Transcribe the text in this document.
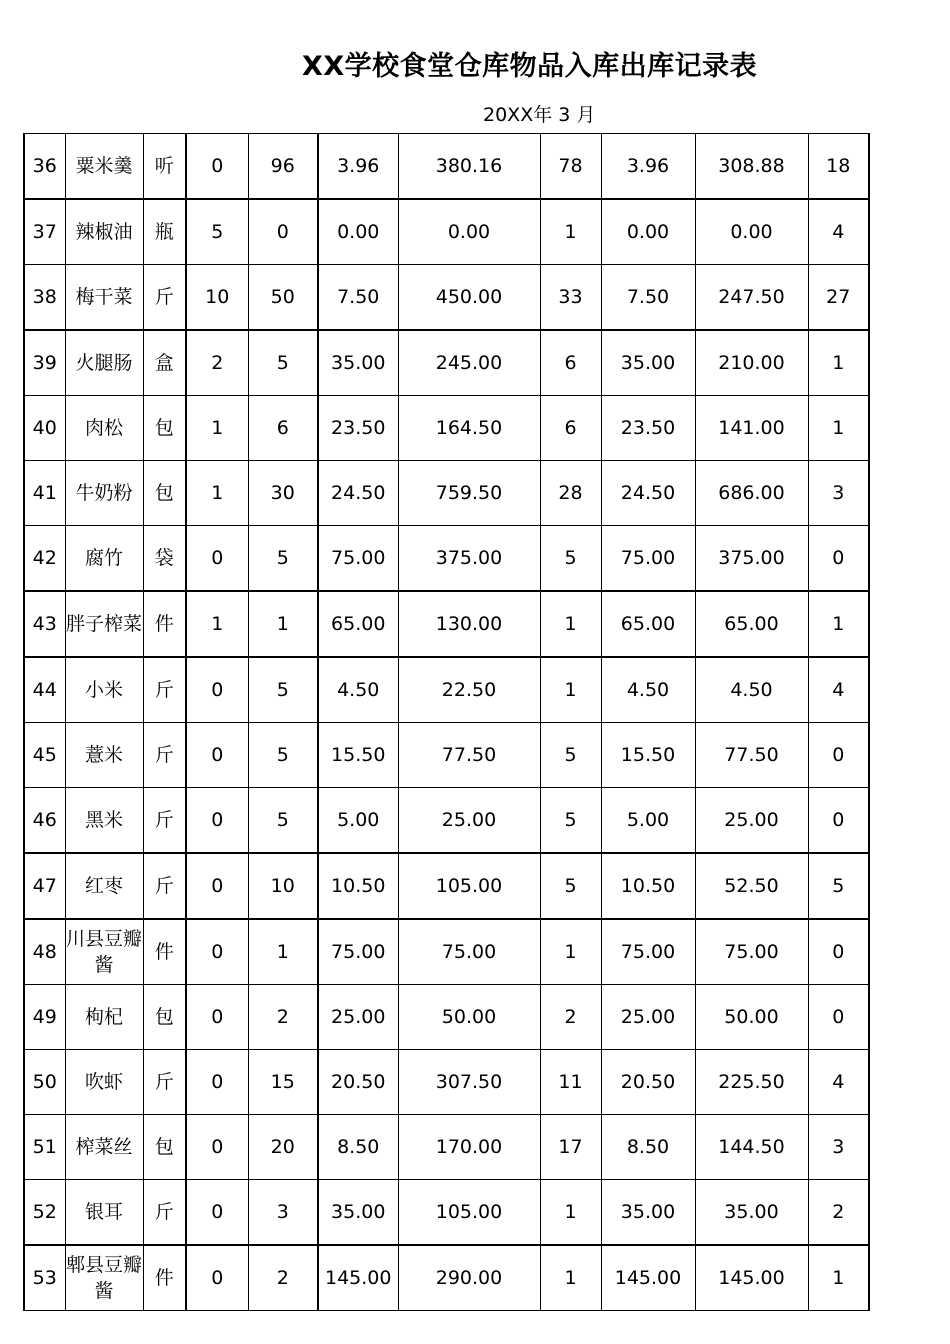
XX学校食堂仓库物品入库出库记录表
20XX年 3 月
36	粟米羹	听	0	96	3.96	380.16	78	3.96	308.88	18
37	辣椒油	瓶	5	0	0.00	0.00	1	0.00	0.00	4
38	梅干菜	斤	10	50	7.50	450.00	33	7.50	247.50	27
39	火腿肠	盒	2	5	35.00	245.00	6	35.00	210.00	1
40	肉松	包	1	6	23.50	164.50	6	23.50	141.00	1
41	牛奶粉	包	1	30	24.50	759.50	28	24.50	686.00	3
42	腐竹	袋	0	5	75.00	375.00	5	75.00	375.00	0
43	胖子榨菜	件	1	1	65.00	130.00	1	65.00	65.00	1
44	小米	斤	0	5	4.50	22.50	1	4.50	4.50	4
45	薏米	斤	0	5	15.50	77.50	5	15.50	77.50	0
46	黑米	斤	0	5	5.00	25.00	5	5.00	25.00	0
47	红枣	斤	0	10	10.50	105.00	5	10.50	52.50	5
48	川县豆瓣酱	件	0	1	75.00	75.00	1	75.00	75.00	0
49	枸杞	包	0	2	25.00	50.00	2	25.00	50.00	0
50	吹虾	斤	0	15	20.50	307.50	11	20.50	225.50	4
51	榨菜丝	包	0	20	8.50	170.00	17	8.50	144.50	3
52	银耳	斤	0	3	35.00	105.00	1	35.00	35.00	2
53	郫县豆瓣酱	件	0	2	145.00	290.00	1	145.00	145.00	1
